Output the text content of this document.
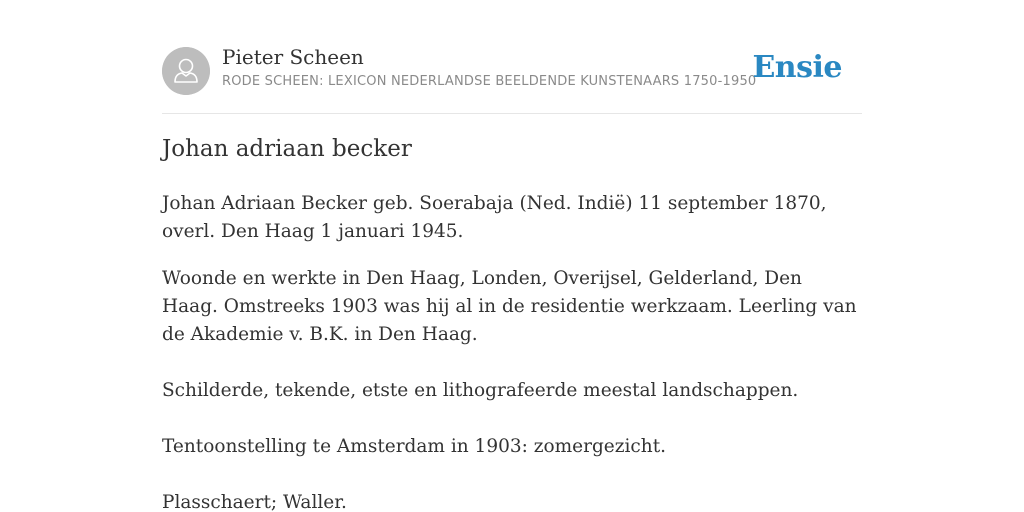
Pieter Scheen
RODE SCHEEN: LEXICON NEDERLANDSE BEELDENDE KUNSTENAARS 1750-1950
Ensie
Johan adriaan becker

Johan Adriaan Becker geb. Soerabaja (Ned. Indië) 11 september 1870, overl. Den Haag 1 januari 1945.

Woonde en werkte in Den Haag, Londen, Overijsel, Gelderland, Den Haag. Omstreeks 1903 was hij al in de residentie werkzaam. Leerling van de Akademie v. B.K. in Den Haag.

Schilderde, tekende, etste en lithografeerde meestal landschappen.

Tentoonstelling te Amsterdam in 1903: zomergezicht.

Plasschaert; Waller.
